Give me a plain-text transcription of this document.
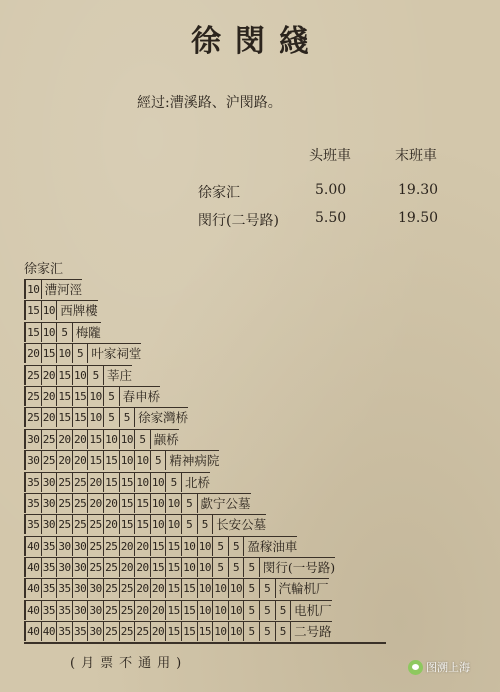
徐閔綫
經过:漕溪路、沪閔路。
头班車	末班車
徐家汇	5.00	19.30
閔行(二号路)	5.50	19.50
徐家汇
10 漕河涇
15 10 西牌樓
15 10 5 梅隴
20 15 10 5 叶家祠堂
25 20 15 10 5 莘庄
25 20 15 15 10 5 春申桥
25 20 15 15 10 5 5 徐家灣桥
30 25 20 20 15 10 10 5 颛桥
30 25 20 20 15 15 10 10 5 精神病院
35 30 25 25 20 15 15 10 10 5 北桥
35 30 25 25 20 20 15 15 10 10 5 歔宁公墓
35 30 25 25 25 20 15 15 10 10 5 5 长安公墓
40 35 30 30 25 25 20 20 15 15 10 10 5 5 盈稼油車
40 35 30 30 25 25 20 20 15 15 10 10 5 5 5 閔行(一号路)
40 35 35 30 30 25 25 20 20 15 15 10 10 10 5 5 汽輪机厂
40 35 35 30 30 25 25 20 20 15 15 10 10 10 5 5 5 电机厂
40 40 35 35 30 25 25 25 20 15 15 15 10 10 5 5 5 二号路
(月票不通用)	图溯上海
